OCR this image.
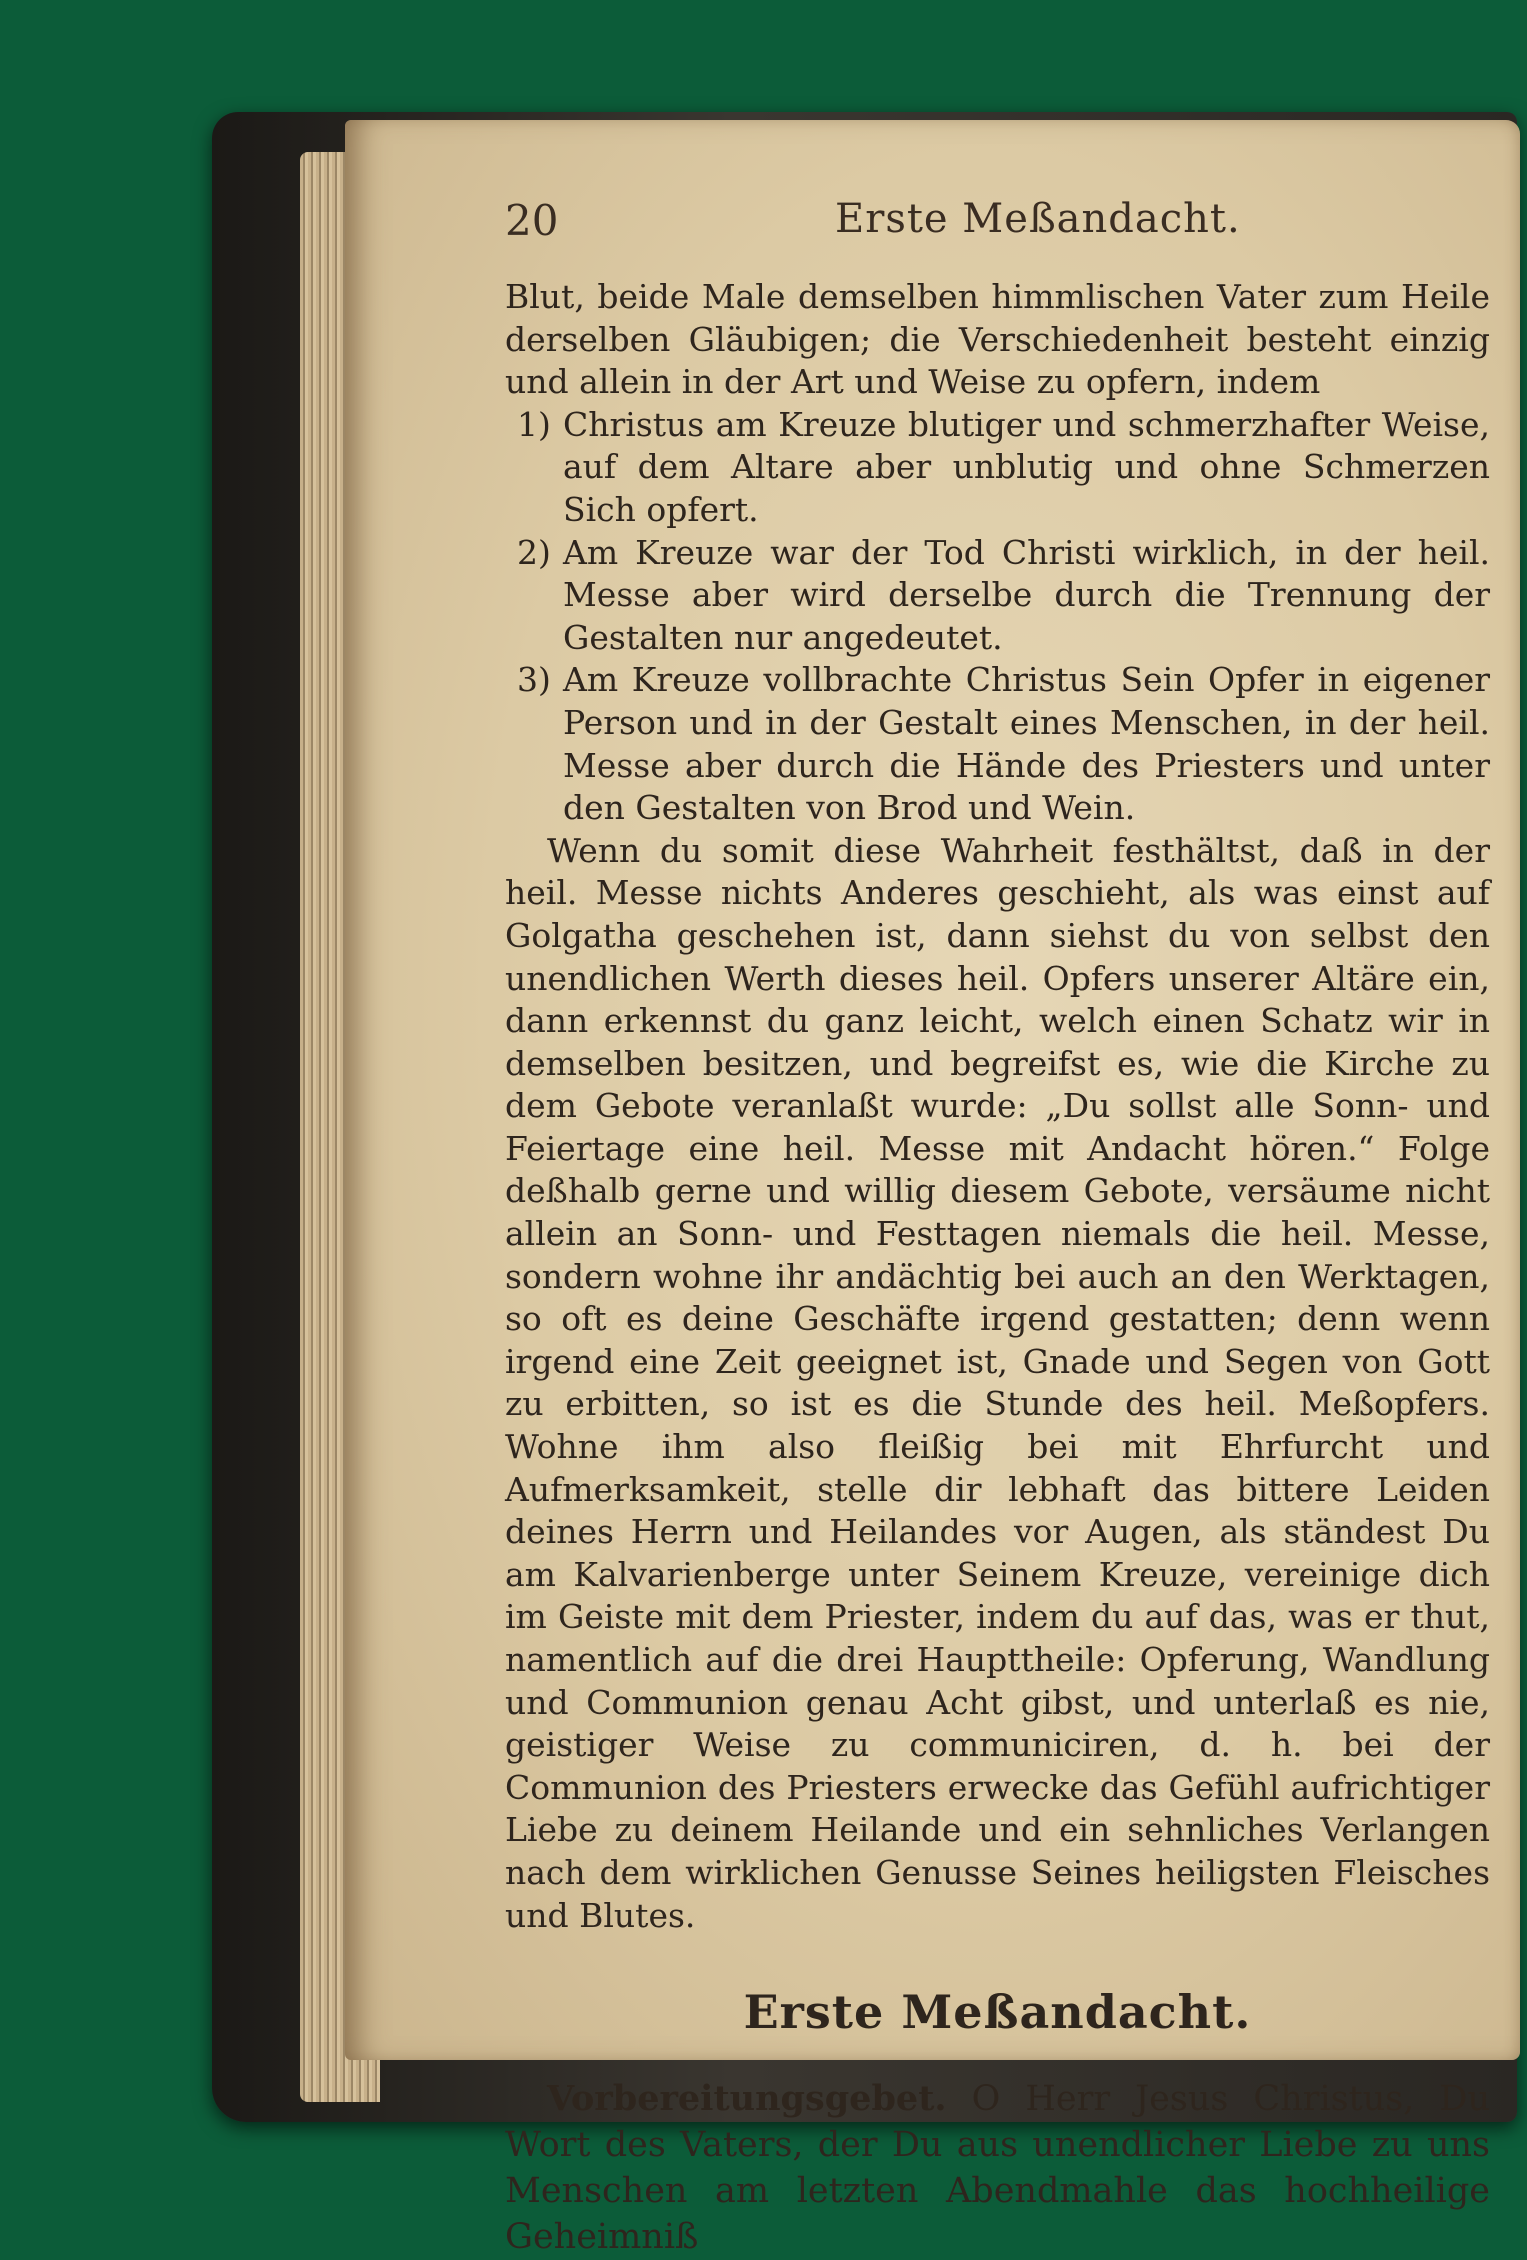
20	Erste Meßandacht.

Blut, beide Male demselben himmlischen Vater zum Heile derselben Gläubigen; die Verschiedenheit besteht einzig und allein in der Art und Weise zu opfern, indem

1) Christus am Kreuze blutiger und schmerzhafter Weise, auf dem Altare aber unblutig und ohne Schmerzen Sich opfert.
2) Am Kreuze war der Tod Christi wirklich, in der heil. Messe aber wird derselbe durch die Trennung der Gestalten nur angedeutet.
3) Am Kreuze vollbrachte Christus Sein Opfer in eigener Person und in der Gestalt eines Menschen, in der heil. Messe aber durch die Hände des Priesters und unter den Gestalten von Brod und Wein.

Wenn du somit diese Wahrheit festhältst, daß in der heil. Messe nichts Anderes geschieht, als was einst auf Golgatha geschehen ist, dann siehst du von selbst den unendlichen Werth dieses heil. Opfers unserer Altäre ein, dann erkennst du ganz leicht, welch einen Schatz wir in demselben besitzen, und begreifst es, wie die Kirche zu dem Gebote veranlaßt wurde: „Du sollst alle Sonn- und Feiertage eine heil. Messe mit Andacht hören.“ Folge deßhalb gerne und willig diesem Gebote, versäume nicht allein an Sonn- und Festtagen niemals die heil. Messe, sondern wohne ihr andächtig bei auch an den Werktagen, so oft es deine Geschäfte irgend gestatten; denn wenn irgend eine Zeit geeignet ist, Gnade und Segen von Gott zu erbitten, so ist es die Stunde des heil. Meßopfers. Wohne ihm also fleißig bei mit Ehrfurcht und Aufmerksamkeit, stelle dir lebhaft das bittere Leiden deines Herrn und Heilandes vor Augen, als ständest Du am Kalvarienberge unter Seinem Kreuze, vereinige dich im Geiste mit dem Priester, indem du auf das, was er thut, namentlich auf die drei Haupttheile: Opferung, Wandlung und Communion genau Acht gibst, und unterlaß es nie, geistiger Weise zu communiciren, d. h. bei der Communion des Priesters erwecke das Gefühl aufrichtiger Liebe zu deinem Heilande und ein sehnliches Verlangen nach dem wirklichen Genusse Seines heiligsten Fleisches und Blutes.

Erste Meßandacht.

Vorbereitungsgebet. O Herr Jesus Christus, Du Wort des Vaters, der Du aus unendlicher Liebe zu uns Menschen am letzten Abendmahle das hochheilige Geheimniß
